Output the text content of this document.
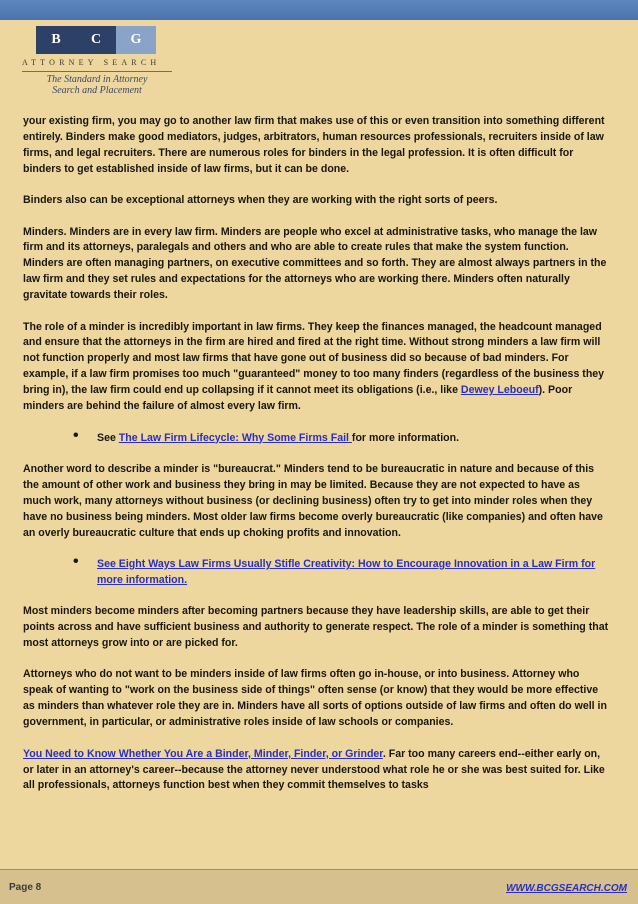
B	C	G
ATTORNEY SEARCH
The Standard in Attorney
Search and Placement

your existing firm, you may go to another law firm that makes use of this or even transition into something different entirely. Binders make good mediators, judges, arbitrators, human resources professionals, recruiters inside of law firms, and legal recruiters. There are numerous roles for binders in the legal profession. It is often difficult for binders to get established inside of law firms, but it can be done.

Binders also can be exceptional attorneys when they are working with the right sorts of peers.

Minders. Minders are in every law firm. Minders are people who excel at administrative tasks, who manage the law firm and its attorneys, paralegals and others and who are able to create rules that make the system function. Minders are often managing partners, on executive committees and so forth. They are almost always partners in the law firm and they set rules and expectations for the attorneys who are working there. Minders often naturally gravitate towards their roles.

The role of a minder is incredibly important in law firms. They keep the finances managed, the headcount managed and ensure that the attorneys in the firm are hired and fired at the right time. Without strong minders a law firm will not function properly and most law firms that have gone out of business did so because of bad minders. For example, if a law firm promises too much "guaranteed" money to too many finders (regardless of the business they bring in), the law firm could end up collapsing if it cannot meet its obligations (i.e., like Dewey Leboeuf). Poor minders are behind the failure of almost every law firm.

• See The Law Firm Lifecycle: Why Some Firms Fail for more information.

Another word to describe a minder is "bureaucrat." Minders tend to be bureaucratic in nature and because of this the amount of other work and business they bring in may be limited. Because they are not expected to have as much work, many attorneys without business (or declining business) often try to get into minder roles when they have no business being minders. Most older law firms become overly bureaucratic (like companies) and often have an overly bureaucratic culture that ends up choking profits and innovation.

• See Eight Ways Law Firms Usually Stifle Creativity: How to Encourage Innovation in a Law Firm for more information.

Most minders become minders after becoming partners because they have leadership skills, are able to get their points across and have sufficient business and authority to generate respect. The role of a minder is something that most attorneys grow into or are picked for.

Attorneys who do not want to be minders inside of law firms often go in-house, or into business. Attorney who speak of wanting to "work on the business side of things" often sense (or know) that they would be more effective as minders than whatever role they are in. Minders have all sorts of options outside of law firms and often do well in government, in particular, or administrative roles inside of law schools or companies.

You Need to Know Whether You Are a Binder, Minder, Finder, or Grinder. Far too many careers end--either early on, or later in an attorney's career--because the attorney never understood what role he or she was best suited for. Like all professionals, attorneys function best when they commit themselves to tasks

Page 8	WWW.BCGSEARCH.COM
